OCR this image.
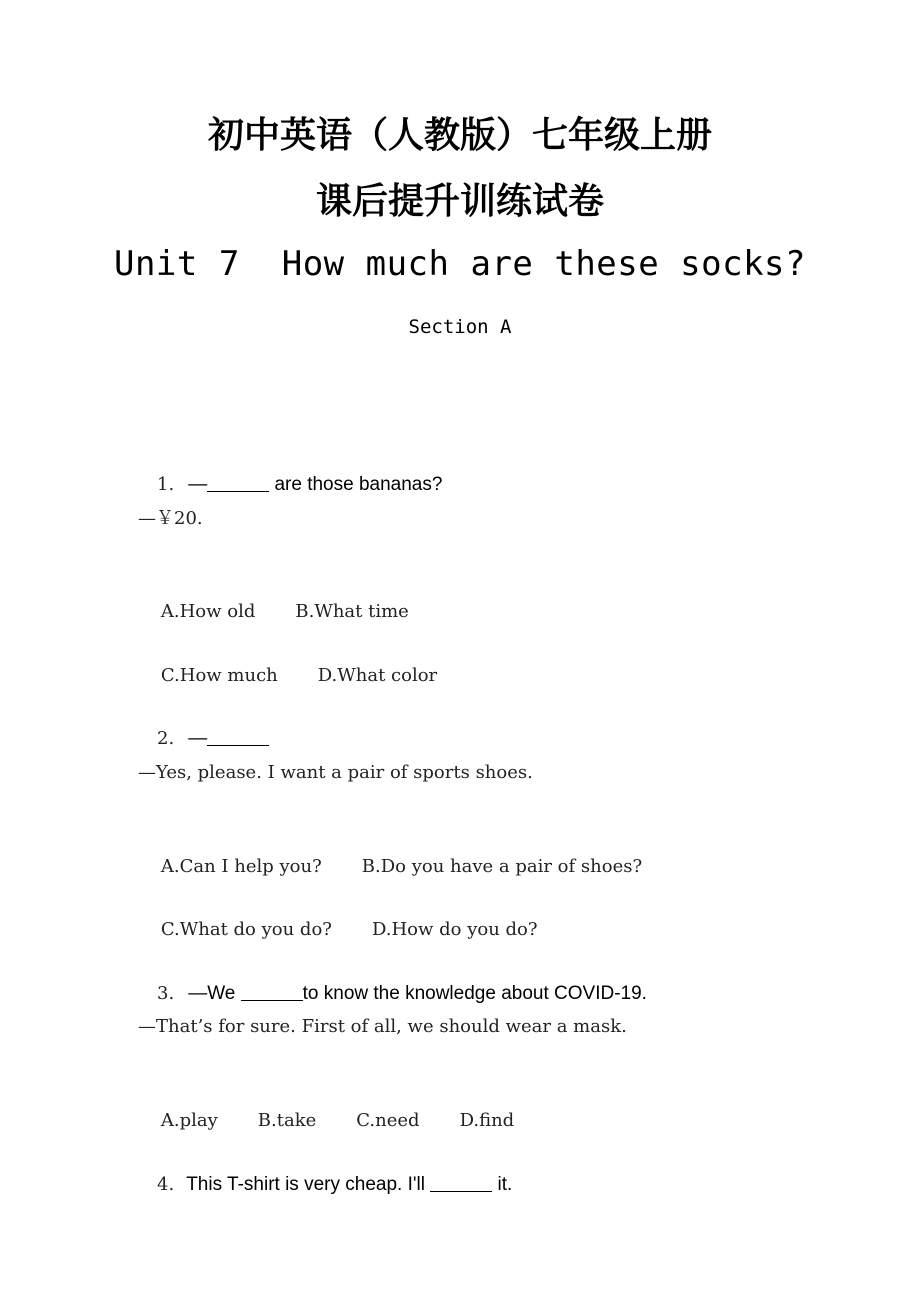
初中英语（人教版）七年级上册
课后提升训练试卷
Unit 7  How much are these socks?
Section A

1. —	are those bananas?

—￥20.

A.How old B.What time

C.How much D.What color

2. —

—Yes, please. I want a pair of sports shoes.

A.Can I help you? B.Do you have a pair of shoes?

C.What do you do? D.How do you do?

3. —We	to know the knowledge about COVID-19.

—That’s for sure. First of all, we should wear a mask.

A.play B.take C.need D.find

4. This T-shirt is very cheap. I'll	it.
